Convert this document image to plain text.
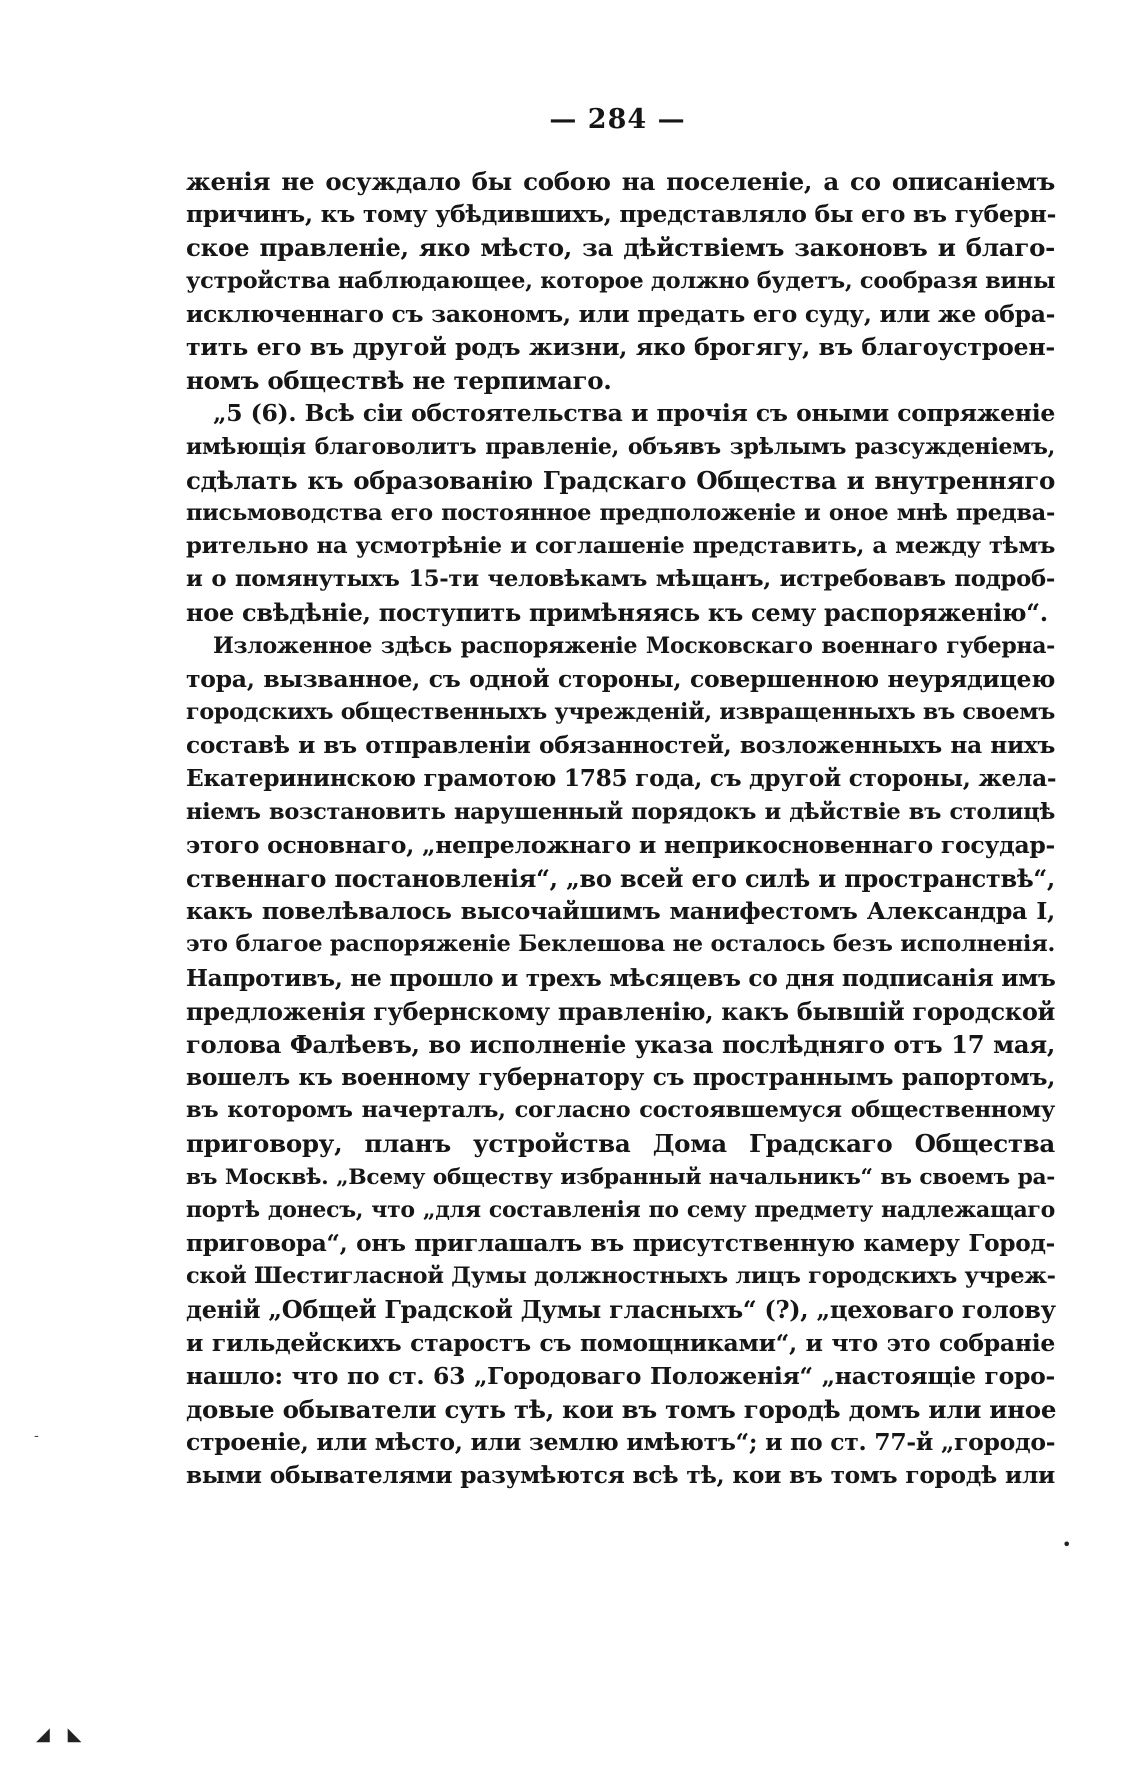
— 284 —
женія не осуждало бы собою на поселеніе, а со описаніемъ
причинъ, къ тому убѣдившихъ, представляло бы его въ губерн-
ское правленіе, яко мѣсто, за дѣйствіемъ законовъ и благо-
устройства наблюдающее, которое должно будетъ, сообразя вины
исключеннаго съ закономъ, или предать его суду, или же обра-
тить его въ другой родъ жизни, яко брогягу, въ благоустроен-
номъ обществѣ не терпимаго.
„5 (6). Всѣ сіи обстоятельства и прочія съ оными сопряженіе
имѣющія благоволитъ правленіе, объявъ зрѣлымъ разсужденіемъ,
сдѣлать къ образованію Градскаго Общества и внутренняго
письмоводства его постоянное предположеніе и оное мнѣ предва-
рительно на усмотрѣніе и соглашеніе представить, а между тѣмъ
и о помянутыхъ 15-ти человѣкамъ мѣщанъ, истребовавъ подроб-
ное свѣдѣніе, поступить примѣняясь къ сему распоряженію“.
Изложенное здѣсь распоряженіе Московскаго военнаго губерна-
тора, вызванное, съ одной стороны, совершенною неурядицею
городскихъ общественныхъ учрежденій, извращенныхъ въ своемъ
составѣ и въ отправленіи обязанностей, возложенныхъ на нихъ
Екатерининскою грамотою 1785 года, съ другой стороны, жела-
ніемъ возстановить нарушенный порядокъ и дѣйствіе въ столицѣ
этого основнаго, „непреложнаго и неприкосновеннаго государ-
ственнаго постановленія“, „во всей его силѣ и пространствѣ“,
какъ повелѣвалось высочайшимъ манифестомъ Александра I,
это благое распоряженіе Беклешова не осталось безъ исполненія.
Напротивъ, не прошло и трехъ мѣсяцевъ со дня подписанія имъ
предложенія губернскому правленію, какъ бывшій городской
голова Фалѣевъ, во исполненіе указа послѣдняго отъ 17 мая,
вошелъ къ военному губернатору съ пространнымъ рапортомъ,
въ которомъ начерталъ, согласно состоявшемуся общественному
приговору, планъ устройства Дома Градскаго Общества
въ Москвѣ. „Всему обществу избранный начальникъ“ въ своемъ ра-
портѣ донесъ, что „для составленія по сему предмету надлежащаго
приговора“, онъ приглашалъ въ присутственную камеру Город-
ской Шестигласной Думы должностныхъ лицъ городскихъ учреж-
деній „Общей Градской Думы гласныхъ“ (?), „цеховаго голову
и гильдейскихъ старостъ съ помощниками“, и что это собраніе
нашло: что по ст. 63 „Городоваго Положенія“ „настоящіе горо-
довые обыватели суть тѣ, кои въ томъ городѣ домъ или иное
строеніе, или мѣсто, или землю имѣютъ“; и по ст. 77-й „городо-
выми обывателями разумѣются всѣ тѣ, кои въ томъ городѣ или
•
-
◢ ◣
